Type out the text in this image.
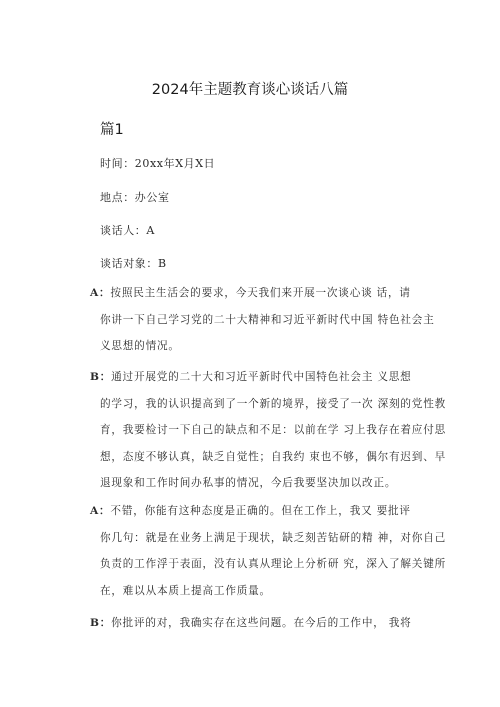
2024年主题教育谈心谈话八篇
篇1
时间：20xx年X月X日
地点：办公室
谈话人：A
谈话对象：B
A：按照民主生活会的要求，今天我们来开展一次谈心谈 话，请
你讲一下自己学习党的二十大精神和习近平新时代中国 特色社会主
义思想的情况。
B：通过开展党的二十大和习近平新时代中国特色社会主 义思想
的学习，我的认识提高到了一个新的境界，接受了一次 深刻的党性教
育，我要检讨一下自己的缺点和不足：以前在学 习上我存在着应付思
想，态度不够认真，缺乏自觉性；自我约 束也不够，偶尔有迟到、早
退现象和工作时间办私事的情况，今后我要坚决加以改正。
A：不错，你能有这种态度是正确的。但在工作上，我又 要批评
你几句：就是在业务上满足于现状，缺乏刻苦钻研的精 神，对你自己
负责的工作浮于表面，没有认真从理论上分析研 究，深入了解关键所
在，难以从本质上提高工作质量。
B：你批评的对，我确实存在这些问题。在今后的工作中， 我将
